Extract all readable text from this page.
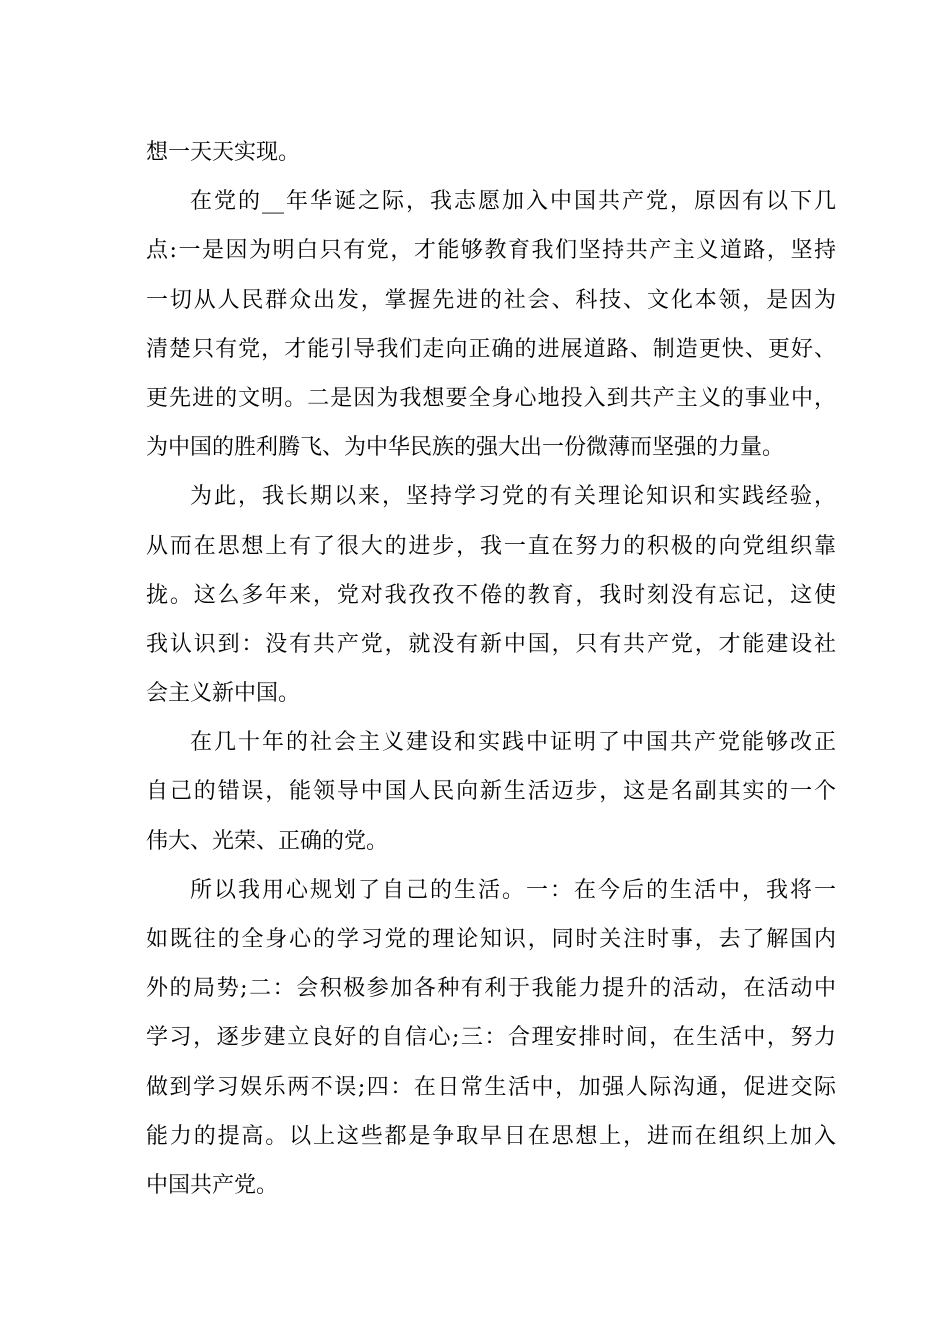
想一天天实现。
在党的__年华诞之际，我志愿加入中国共产党，原因有以下几
点:一是因为明白只有党，才能够教育我们坚持共产主义道路，坚持
一切从人民群众出发，掌握先进的社会、科技、文化本领，是因为
清楚只有党，才能引导我们走向正确的进展道路、制造更快、更好、
更先进的文明。二是因为我想要全身心地投入到共产主义的事业中，
为中国的胜利腾飞、为中华民族的强大出一份微薄而坚强的力量。
为此，我长期以来，坚持学习党的有关理论知识和实践经验，
从而在思想上有了很大的进步，我一直在努力的积极的向党组织靠
拢。这么多年来，党对我孜孜不倦的教育，我时刻没有忘记，这使
我认识到：没有共产党，就没有新中国，只有共产党，才能建设社
会主义新中国。
在几十年的社会主义建设和实践中证明了中国共产党能够改正
自己的错误，能领导中国人民向新生活迈步，这是名副其实的一个
伟大、光荣、正确的党。
所以我用心规划了自己的生活。一：在今后的生活中，我将一
如既往的全身心的学习党的理论知识，同时关注时事，去了解国内
外的局势;二：会积极参加各种有利于我能力提升的活动，在活动中
学习，逐步建立良好的自信心;三：合理安排时间，在生活中，努力
做到学习娱乐两不误;四：在日常生活中，加强人际沟通，促进交际
能力的提高。以上这些都是争取早日在思想上，进而在组织上加入
中国共产党。
